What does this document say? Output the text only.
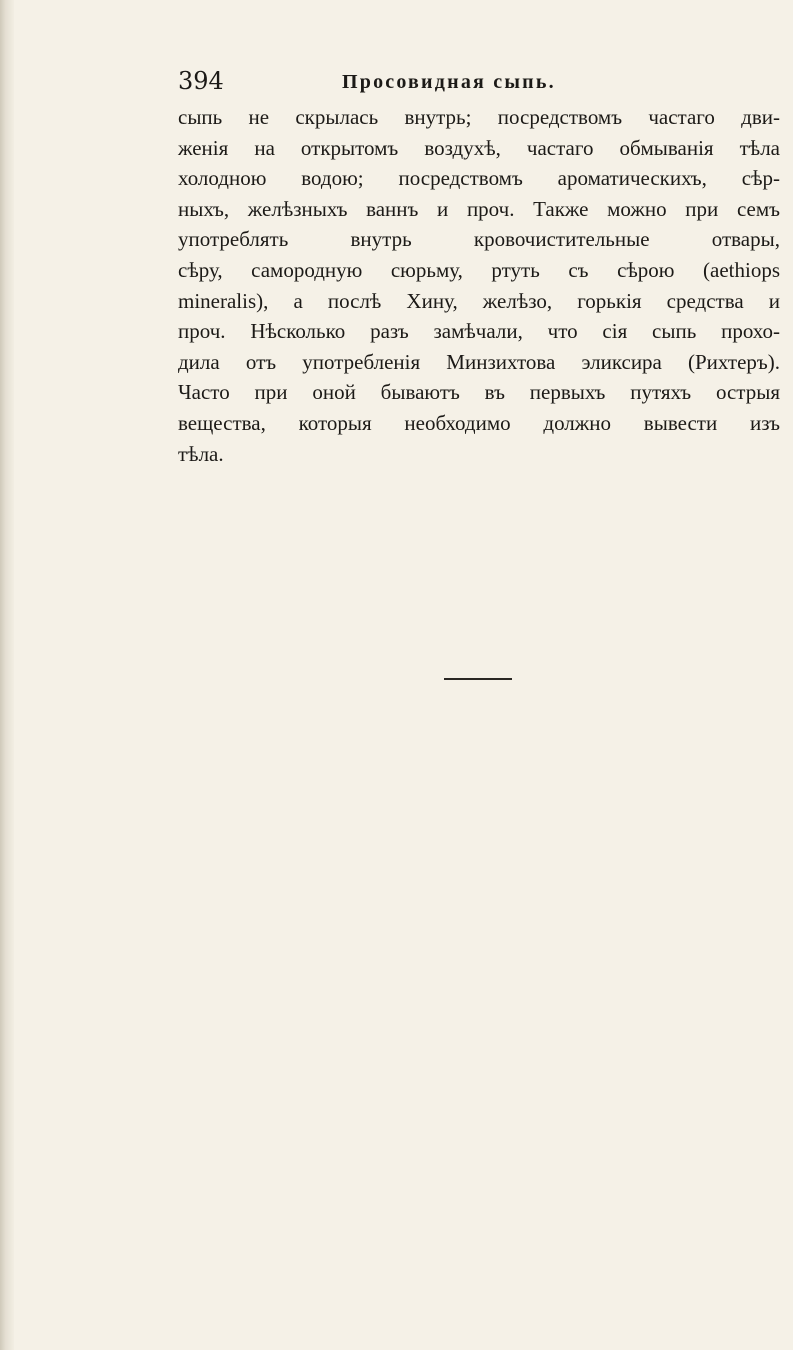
394	Просовидная сыпь.
сыпь не скрылась внутрь; посредствомъ частаго дви-
женія на открытомъ воздухѣ, частаго обмыванія тѣла
холодною водою; посредствомъ ароматическихъ, сѣр-
ныхъ, желѣзныхъ ваннъ и проч. Также можно при семъ
употреблять внутрь кровочистительные отвары,
сѣру, самородную сюрьму, ртуть съ сѣрою (aethiops
mineralis), а послѣ Хину, желѣзо, горькія средства и
проч. Нѣсколько разъ замѣчали, что сія сыпь прохо-
дила отъ употребленія Минзихтова эликсира (Рихтеръ).
Часто при оной бываютъ въ первыхъ путяхъ острыя
вещества, которыя необходимо должно вывести изъ
тѣла.
